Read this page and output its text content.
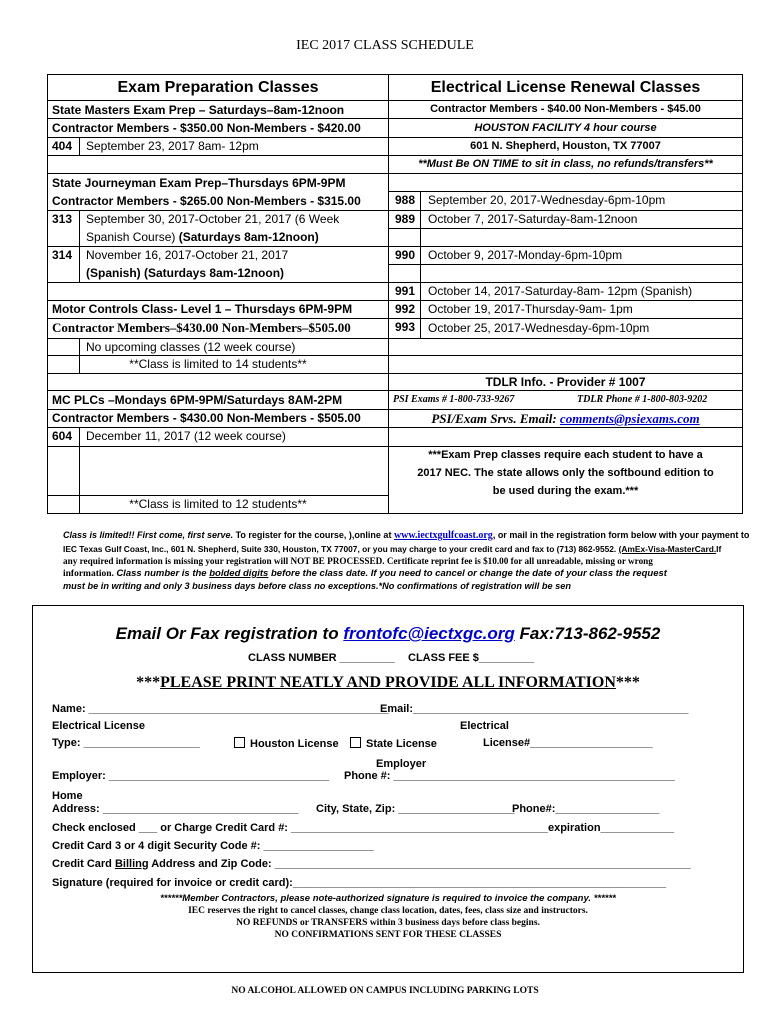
IEC 2017 CLASS SCHEDULE
Exam Preparation Classes
State Masters Exam Prep – Saturdays–8am-12noon
Contractor Members - $350.00 Non-Members - $420.00
404 September 23, 2017 8am- 12pm
State Journeyman Exam Prep–Thursdays 6PM-9PM
Contractor Members - $265.00 Non-Members - $315.00
313 September 30, 2017-October 21, 2017 (6 Week
Spanish Course) (Saturdays 8am-12noon)
314 November 16, 2017-October 21, 2017
(Spanish) (Saturdays 8am-12noon)
Motor Controls Class- Level 1 – Thursdays 6PM-9PM
Contractor Members–$430.00 Non-Members–$505.00
No upcoming classes (12 week course)
**Class is limited to 14 students**
MC PLCs –Mondays 6PM-9PM/Saturdays 8AM-2PM
Contractor Members - $430.00 Non-Members - $505.00
604 December 11, 2017 (12 week course)
**Class is limited to 12 students**
Electrical License Renewal Classes
Contractor Members - $40.00 Non-Members - $45.00
HOUSTON FACILITY 4 hour course
601 N. Shepherd, Houston, TX 77007
**Must Be ON TIME to sit in class, no refunds/transfers**
988 September 20, 2017-Wednesday-6pm-10pm
989 October 7, 2017-Saturday-8am-12noon
990 October 9, 2017-Monday-6pm-10pm
991 October 14, 2017-Saturday-8am- 12pm (Spanish)
992 October 19, 2017-Thursday-9am- 1pm
993 October 25, 2017-Wednesday-6pm-10pm
TDLR Info. - Provider # 1007
PSI Exams # 1-800-733-9267	TDLR Phone # 1-800-803-9202
PSI/Exam Srvs. Email: comments@psiexams.com
***Exam Prep classes require each student to have a
2017 NEC. The state allows only the softbound edition to
be used during the exam.***
Class is limited!! First come, first serve. To register for the course, ),online at www.iectxgulfcoast.org, or mail in the registration form below with your payment to
IEC Texas Gulf Coast, Inc., 601 N. Shepherd, Suite 330, Houston, TX 77007, or you may charge to your credit card and fax to (713) 862-9552. (AmEx-Visa-MasterCard.If
any required information is missing your registration will NOT BE PROCESSED. Certificate reprint fee is $10.00 for all unreadable, missing or wrong
information. Class number is the bolded digits before the class date. If you need to cancel or change the date of your class the request
must be in writing and only 3 business days before class no exceptions.*No confirmations of registration will be sen
Email Or Fax registration to frontofc@iectxgc.org Fax:713-862-9552
CLASS NUMBER _________ CLASS FEE $_________
***PLEASE PRINT NEATLY AND PROVIDE ALL INFORMATION***
Name: _________________________________________________
Email:_____________________________________________
Electrical License	Electrical
Type: ___________________	Houston License	State License	License#____________________
Employer
Employer: ____________________________________ Phone #: ______________________________________________
Home
Address: ________________________________ City, State, Zip: ___________________
Phone#:_________________
Check enclosed ___ or Charge Credit Card #: __________________________________________expiration____________
Credit Card 3 or 4 digit Security Code #: __________________
Credit Card Billing Address and Zip Code: ____________________________________________________________________
Signature (required for invoice or credit card):_____________________________________________________________
******Member Contractors, please note-authorized signature is required to invoice the company. ******
IEC reserves the right to cancel classes, change class location, dates, fees, class size and instructors.
NO REFUNDS or TRANSFERS within 3 business days before class begins.
NO CONFIRMATIONS SENT FOR THESE CLASSES
NO ALCOHOL ALLOWED ON CAMPUS INCLUDING PARKING LOTS
